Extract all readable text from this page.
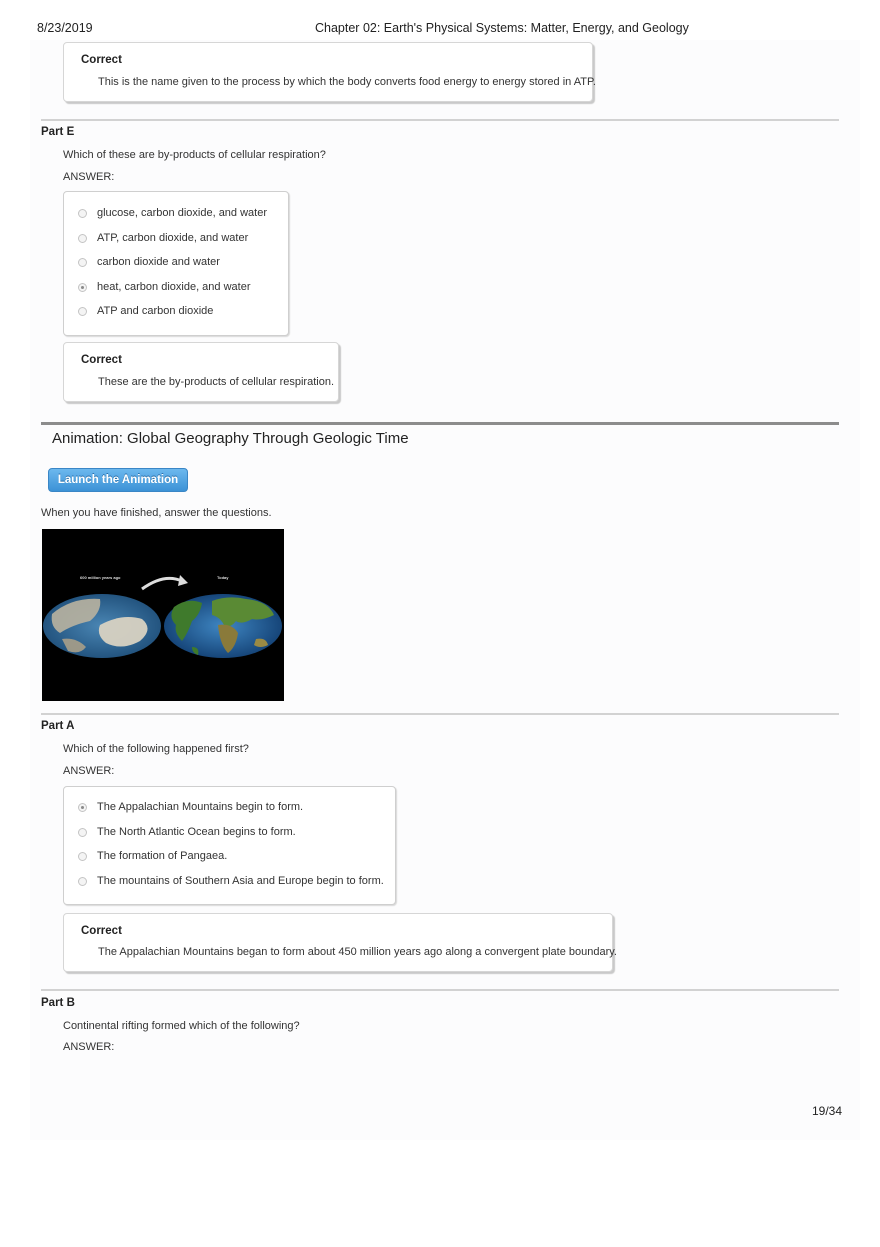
8/23/2019	Chapter 02: Earth's Physical Systems: Matter, Energy, and Geology
Correct
This is the name given to the process by which the body converts food energy to energy stored in ATP.
Part E
Which of these are by-products of cellular respiration?
ANSWER:
glucose, carbon dioxide, and water
ATP, carbon dioxide, and water
carbon dioxide and water
heat, carbon dioxide, and water
ATP and carbon dioxide
Correct
These are the by-products of cellular respiration.
Animation: Global Geography Through Geologic Time
Launch the Animation
When you have finished, answer the questions.
600 million years ago	Today
Part A
Which of the following happened first?
ANSWER:
The Appalachian Mountains begin to form.
The North Atlantic Ocean begins to form.
The formation of Pangaea.
The mountains of Southern Asia and Europe begin to form.
Correct
The Appalachian Mountains began to form about 450 million years ago along a convergent plate boundary.
Part B
Continental rifting formed which of the following?
ANSWER:
19/34
